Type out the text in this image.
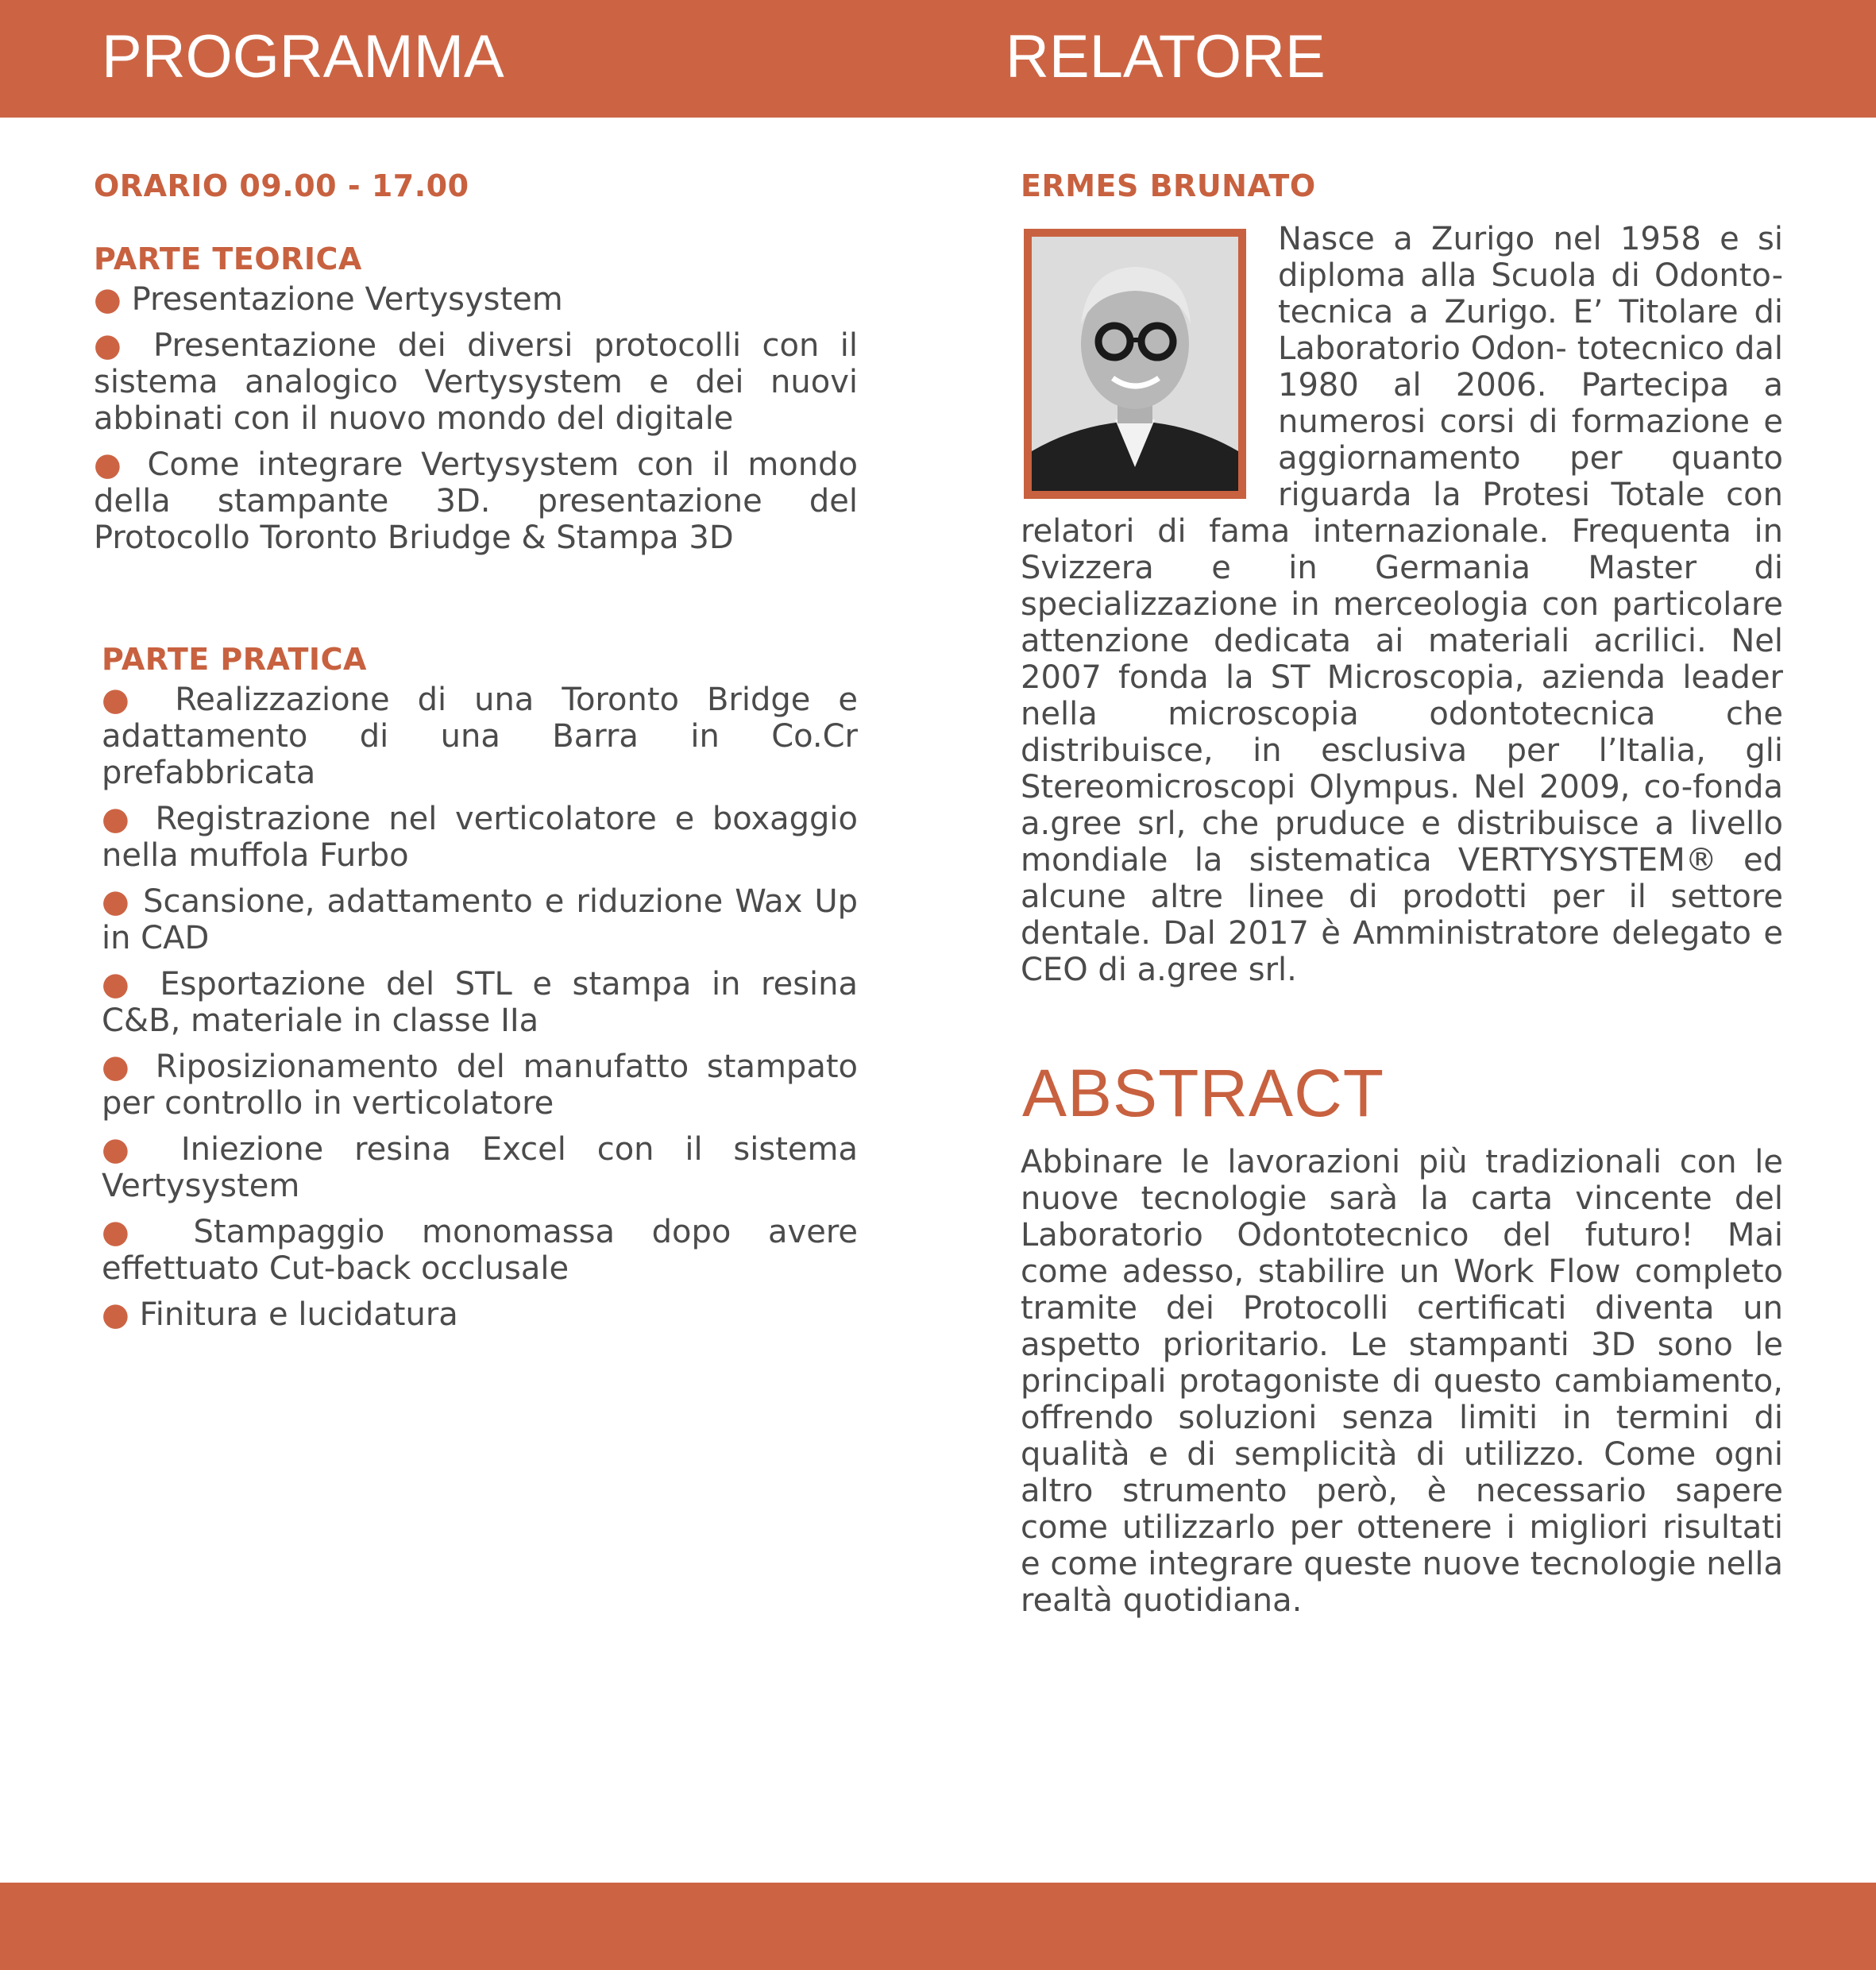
PROGRAMMA	RELATORE

ORARIO 09.00 - 17.00

PARTE TEORICA

● Presentazione Vertysystem
● Presentazione dei diversi protocolli con il sistema analogico Vertysystem e dei nuovi abbinati con il nuovo mondo del digitale
● Come integrare Vertysystem con il mondo della stampante 3D. presentazione del Protocollo Toronto Briudge & Stampa 3D

PARTE PRATICA

● Realizzazione di una Toronto Bridge e adattamento di una Barra in Co.Cr prefabbricata
● Registrazione nel verticolatore e boxaggio nella muffola Furbo
● Scansione, adattamento e riduzione Wax Up in CAD
● Esportazione del STL e stampa in resina C&B, materiale in classe IIa
● Riposizionamento del manufatto stampato per controllo in verticolatore
● Iniezione resina Excel con il sistema Vertysystem
● Stampaggio monomassa dopo avere effettuato Cut-back occlusale
● Finitura e lucidatura

ERMES BRUNATO

Nasce a Zurigo nel 1958 e si diploma alla Scuola di Odonto- tecnica a Zurigo. E’ Titolare di Laboratorio Odon- totecnico dal 1980 al 2006. Partecipa a numerosi corsi di formazione e aggiornamento per quanto riguarda la Protesi Totale con relatori di fama internazionale. Frequenta in Svizzera e in Germania Master di specializzazione in merceologia con particolare attenzione dedicata ai materiali acrilici. Nel 2007 fonda la ST Microscopia, azienda leader nella microscopia odontotecnica che distribuisce, in esclusiva per l’Italia, gli Stereomicroscopi Olympus. Nel 2009, co-fonda a.gree srl, che pruduce e distribuisce a livello mondiale la sistematica VERTYSYSTEM® ed alcune altre linee di prodotti per il settore dentale. Dal 2017 è Amministratore delegato e CEO di a.gree srl.

ABSTRACT

Abbinare le lavorazioni più tradizionali con le nuove tecnologie sarà la carta vincente del Laboratorio Odontotecnico del futuro! Mai come adesso, stabilire un Work Flow completo tramite dei Protocolli certificati diventa un aspetto prioritario. Le stampanti 3D sono le principali protagoniste di questo cambiamento, offrendo soluzioni senza limiti in termini di qualità e di semplicità di utilizzo. Come ogni altro strumento però, è necessario sapere come utilizzarlo per ottenere i migliori risultati e come integrare queste nuove tecnologie nella realtà quotidiana.
